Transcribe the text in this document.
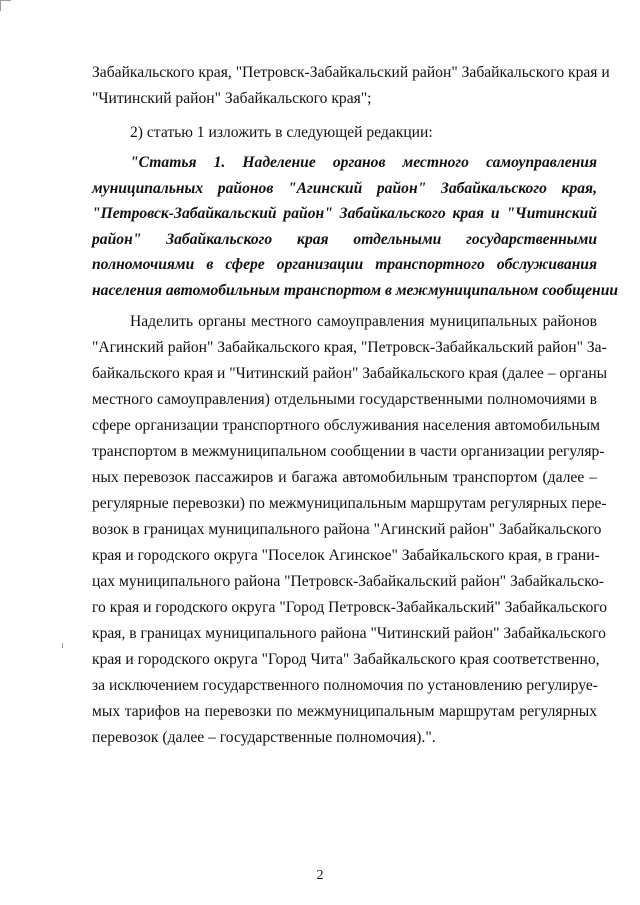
Забайкальского края, "Петровск-Забайкальский район" Забайкальского края и
"Читинский район" Забайкальского края";
2) статью 1 изложить в следующей редакции:
"Статья 1. Наделение органов местного самоуправления
муниципальных районов "Агинский район" Забайкальского края,
"Петровск-Забайкальский район" Забайкальского края и "Читинский
район" Забайкальского края отдельными государственными
полномочиями в сфере организации транспортного обслуживания
населения автомобильным транспортом в межмуниципальном сообщении
Наделить органы местного самоуправления муниципальных районов
"Агинский район" Забайкальского края, "Петровск-Забайкальский район" За-
байкальского края и "Читинский район" Забайкальского края (далее – органы
местного самоуправления) отдельными государственными полномочиями в
сфере организации транспортного обслуживания населения автомобильным
транспортом в межмуниципальном сообщении в части организации регуляр-
ных перевозок пассажиров и багажа автомобильным транспортом (далее –
регулярные перевозки) по межмуниципальным маршрутам регулярных пере-
возок в границах муниципального района "Агинский район" Забайкальского
края и городского округа "Поселок Агинское" Забайкальского края, в грани-
цах муниципального района "Петровск-Забайкальский район" Забайкальско-
го края и городского округа "Город Петровск-Забайкальский" Забайкальского
края, в границах муниципального района "Читинский район" Забайкальского
края и городского округа "Город Чита" Забайкальского края соответственно,
за исключением государственного полномочия по установлению регулируе-
мых тарифов на перевозки по межмуниципальным маршрутам регулярных
перевозок (далее – государственные полномочия).".
2
